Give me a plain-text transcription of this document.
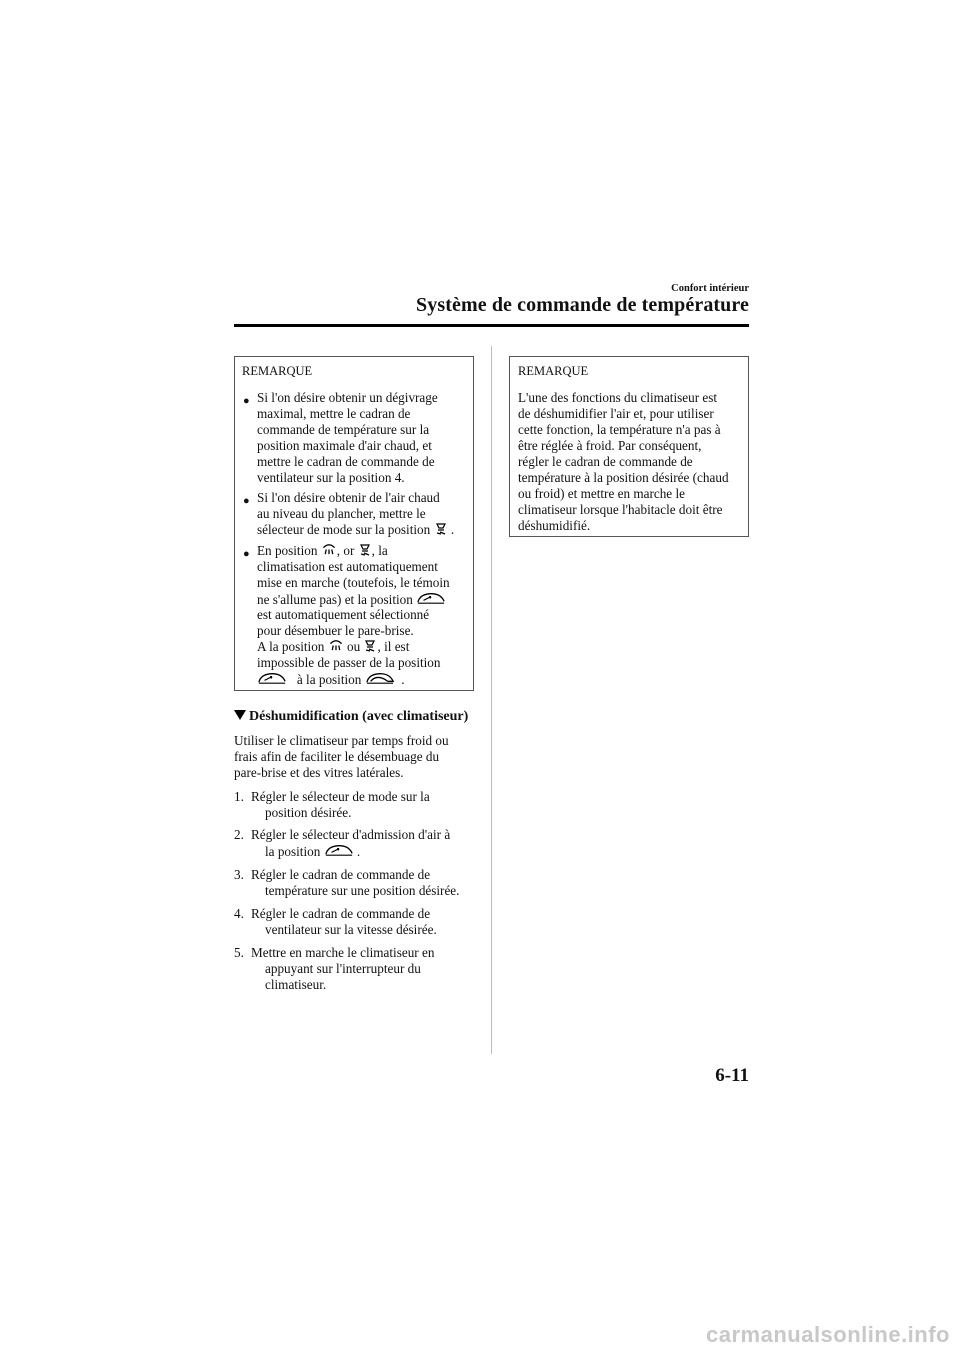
Confort intérieur
Système de commande de température
REMARQUE
● Si l'on désire obtenir un dégivrage
maximal, mettre le cadran de
commande de température sur la
position maximale d'air chaud, et
mettre le cadran de commande de
ventilateur sur la position 4.
● Si l'on désire obtenir de l'air chaud
au niveau du plancher, mettre le
sélecteur de mode sur la position .
● En position , or , la
climatisation est automatiquement
mise en marche (toutefois, le témoin
ne s'allume pas) et la position
est automatiquement sélectionné
pour désembuer le pare-brise.
A la position ou , il est
impossible de passer de la position
à la position	.
Déshumidification (avec climatiseur)
Utiliser le climatiseur par temps froid ou
frais afin de faciliter le désembuage du
pare-brise et des vitres latérales.
1. Régler le sélecteur de mode sur la
position désirée.
2. Régler le sélecteur d'admission d'air à
la position	.
3. Régler le cadran de commande de
température sur une position désirée.
4. Régler le cadran de commande de
ventilateur sur la vitesse désirée.
5. Mettre en marche le climatiseur en
appuyant sur l'interrupteur du
climatiseur.
REMARQUE
L'une des fonctions du climatiseur est
de déshumidifier l'air et, pour utiliser
cette fonction, la température n'a pas à
être réglée à froid. Par conséquent,
régler le cadran de commande de
température à la position désirée (chaud
ou froid) et mettre en marche le
climatiseur lorsque l'habitacle doit être
déshumidifié.
6-11
carmanualsonline.info
